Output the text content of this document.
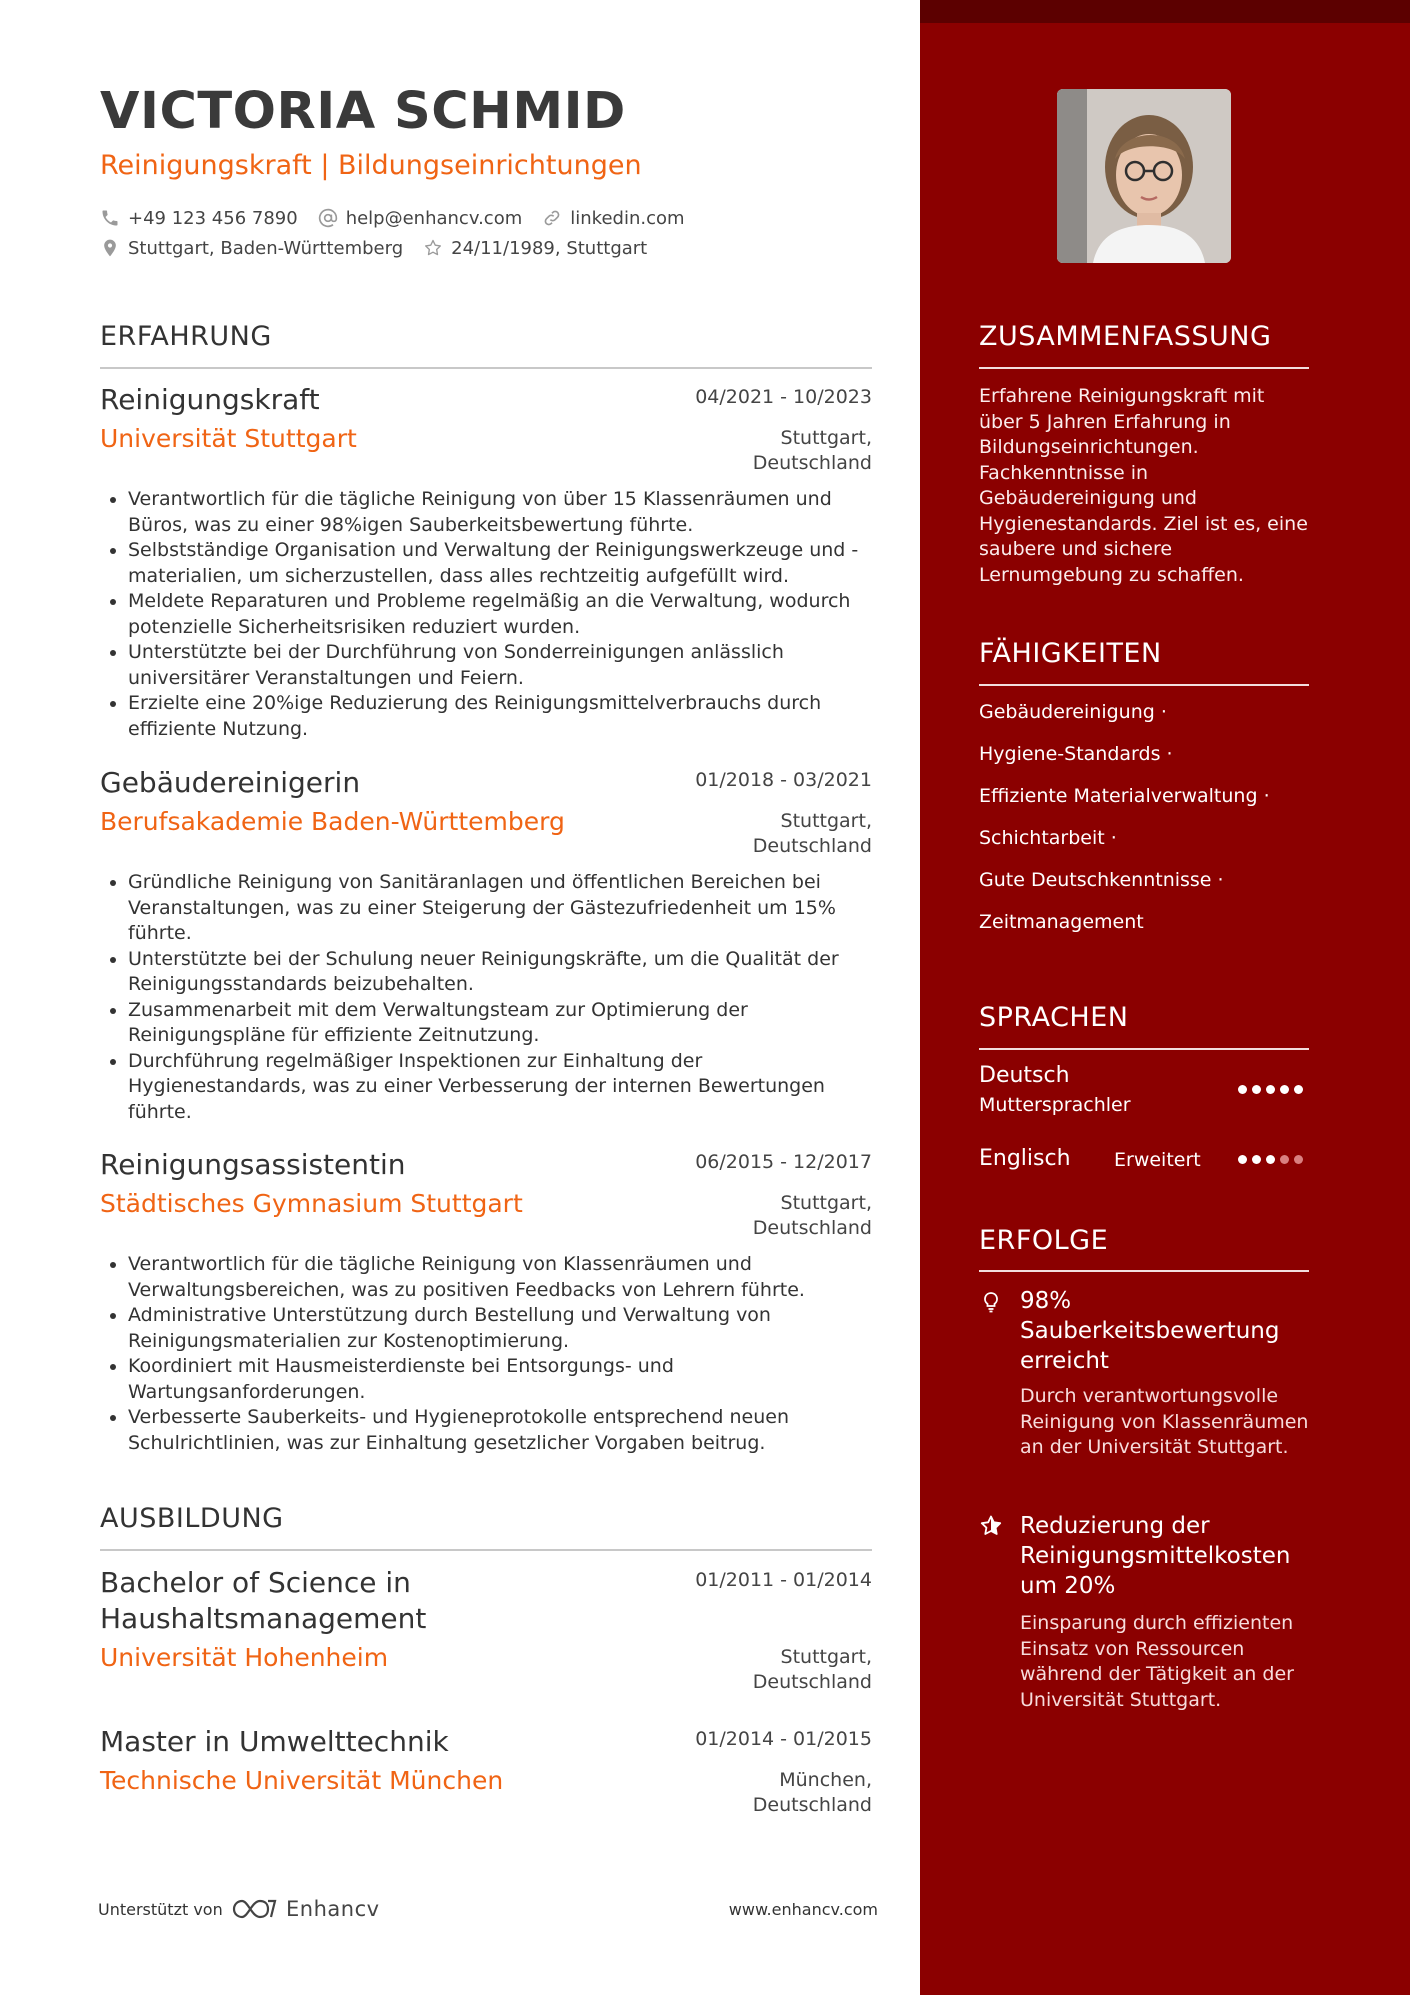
VICTORIA SCHMID
Reinigungskraft | Bildungseinrichtungen
+49 123 456 7890	help@enhancv.com	linkedin.com
Stuttgart, Baden-Württemberg	24/11/1989, Stuttgart
ERFAHRUNG
Reinigungskraft	04/2021 - 10/2023
Universität Stuttgart	Stuttgart,
Deutschland
• Verantwortlich für die tägliche Reinigung von über 15 Klassenräumen und Büros, was zu einer 98%igen Sauberkeitsbewertung führte.
• Selbstständige Organisation und Verwaltung der Reinigungswerkzeuge und -materialien, um sicherzustellen, dass alles rechtzeitig aufgefüllt wird.
• Meldete Reparaturen und Probleme regelmäßig an die Verwaltung, wodurch potenzielle Sicherheitsrisiken reduziert wurden.
• Unterstützte bei der Durchführung von Sonderreinigungen anlässlich universitärer Veranstaltungen und Feiern.
• Erzielte eine 20%ige Reduzierung des Reinigungsmittelverbrauchs durch effiziente Nutzung.
Gebäudereinigerin	01/2018 - 03/2021
Berufsakademie Baden-Württemberg	Stuttgart,
Deutschland
• Gründliche Reinigung von Sanitäranlagen und öffentlichen Bereichen bei Veranstaltungen, was zu einer Steigerung der Gästezufriedenheit um 15% führte.
• Unterstützte bei der Schulung neuer Reinigungskräfte, um die Qualität der Reinigungsstandards beizubehalten.
• Zusammenarbeit mit dem Verwaltungsteam zur Optimierung der Reinigungspläne für effiziente Zeitnutzung.
• Durchführung regelmäßiger Inspektionen zur Einhaltung der Hygienestandards, was zu einer Verbesserung der internen Bewertungen führte.
Reinigungsassistentin	06/2015 - 12/2017
Städtisches Gymnasium Stuttgart	Stuttgart,
Deutschland
• Verantwortlich für die tägliche Reinigung von Klassenräumen und Verwaltungsbereichen, was zu positiven Feedbacks von Lehrern führte.
• Administrative Unterstützung durch Bestellung und Verwaltung von Reinigungsmaterialien zur Kostenoptimierung.
• Koordiniert mit Hausmeisterdienste bei Entsorgungs- und Wartungsanforderungen.
• Verbesserte Sauberkeits- und Hygieneprotokolle entsprechend neuen Schulrichtlinien, was zur Einhaltung gesetzlicher Vorgaben beitrug.
AUSBILDUNG
Bachelor of Science in
Haushaltsmanagement
01/2011 - 01/2014
Universität Hohenheim	Stuttgart,
Deutschland
Master in Umwelttechnik	01/2014 - 01/2015
Technische Universität München	München,
Deutschland
Unterstützt von	Enhancv	www.enhancv.com
ZUSAMMENFASSUNG
Erfahrene Reinigungskraft mit über 5 Jahren Erfahrung in Bildungseinrichtungen. Fachkenntnisse in Gebäudereinigung und Hygienestandards. Ziel ist es, eine saubere und sichere Lernumgebung zu schaffen.
FÄHIGKEITEN
Gebäudereinigung ·
Hygiene-Standards ·
Effiziente Materialverwaltung ·
Schichtarbeit ·
Gute Deutschkenntnisse ·
Zeitmanagement
SPRACHEN
Deutsch
Muttersprachler
Englisch Erweitert
ERFOLGE
98% Sauberkeitsbewertung erreicht
Durch verantwortungsvolle Reinigung von Klassenräumen an der Universität Stuttgart.
Reduzierung der Reinigungsmittelkosten um 20%
Einsparung durch effizienten Einsatz von Ressourcen während der Tätigkeit an der Universität Stuttgart.
